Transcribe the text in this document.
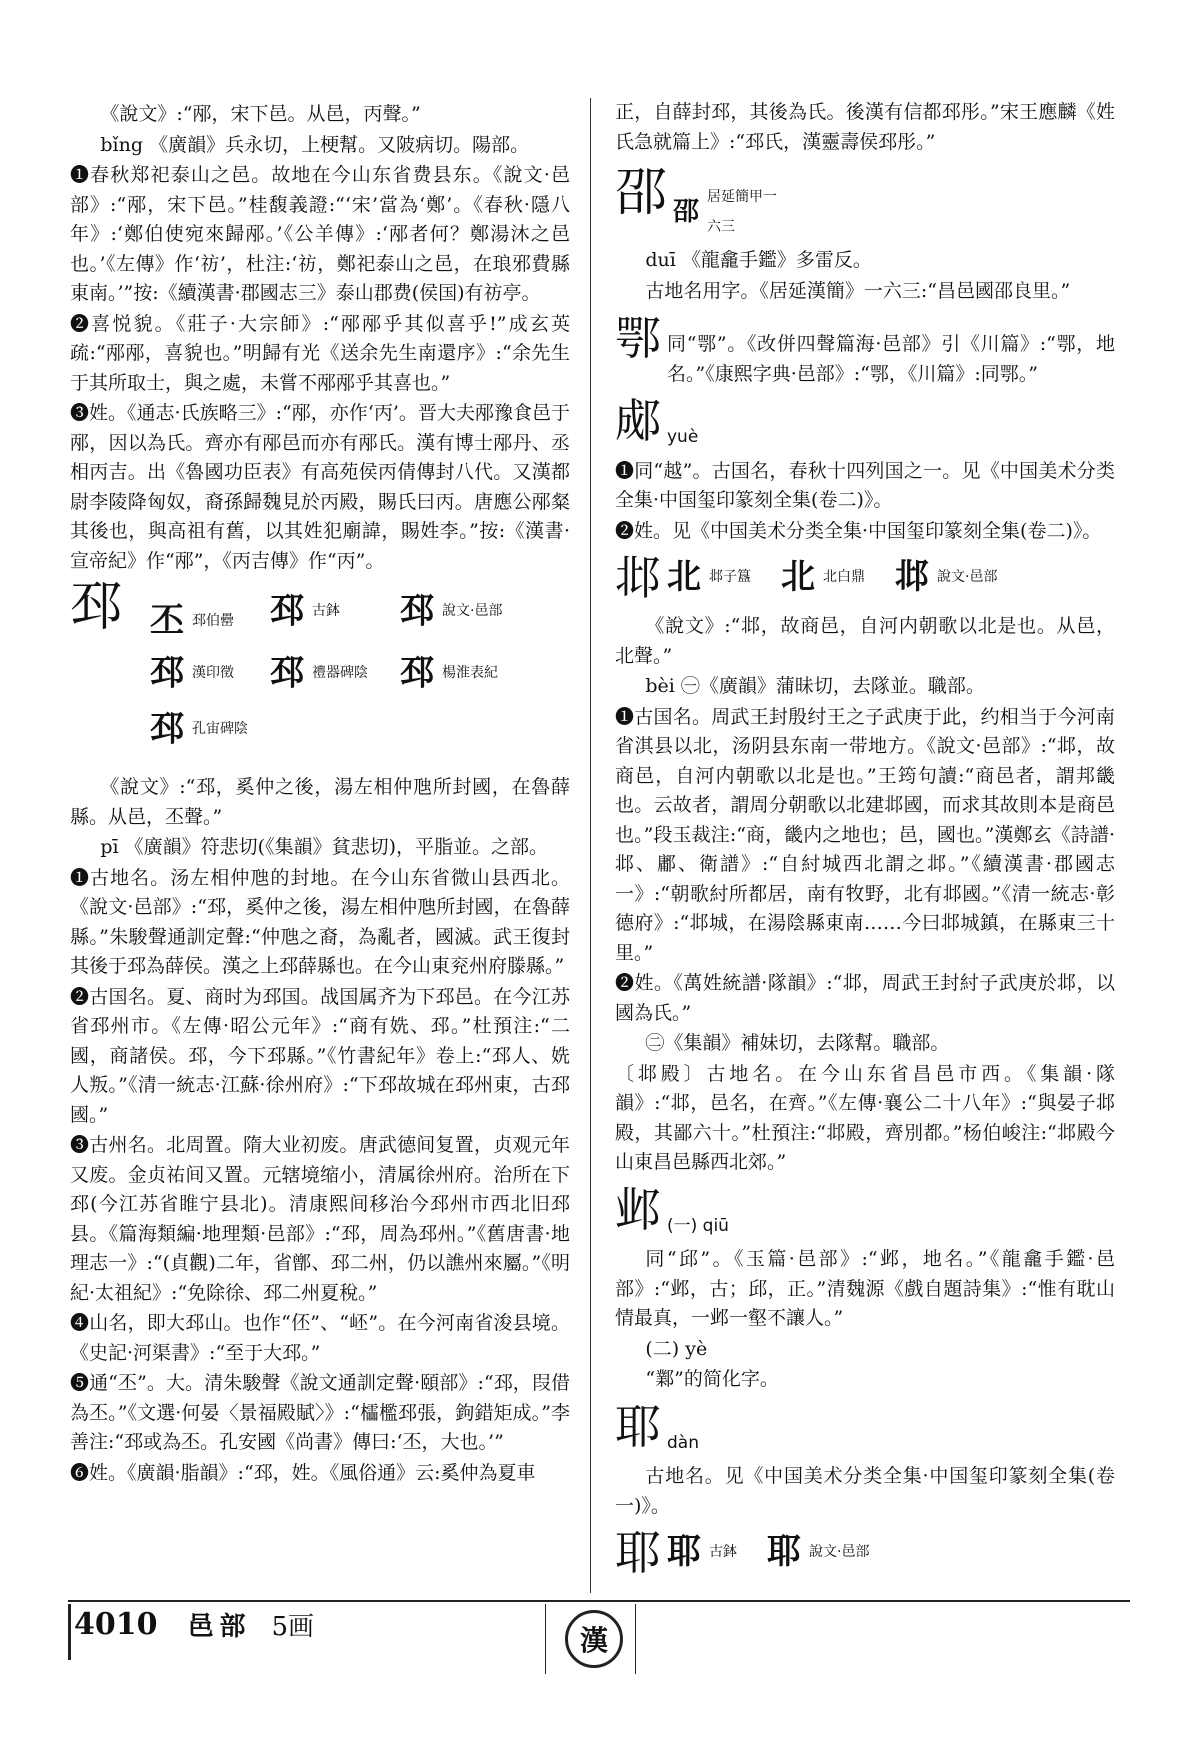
《說文》:“邴，宋下邑。从邑，丙聲。”

bǐng 《廣韻》兵永切，上梗幫。又陂病切。陽部。

❶春秋郑祀泰山之邑。故地在今山东省费县东。《說文·邑部》:“邴，宋下邑。”桂馥義證:“‘宋’當為‘鄭’。《春秋·隱八年》:‘鄭伯使宛來歸邴。’《公羊傳》:‘邴者何？鄭湯沐之邑也。’《左傳》作‘祊’，杜注:‘祊，鄭祀泰山之邑，在琅邪費縣東南。’”按:《續漢書·郡國志三》泰山郡费(侯国)有祊亭。

❷喜悦貌。《莊子·大宗師》:“邴邴乎其似喜乎!”成玄英疏:“邴邴，喜貌也。”明歸有光《送余先生南還序》:“余先生于其所取士，與之處，未嘗不邴邴乎其喜也。”

❸姓。《通志·氏族略三》:“邴，亦作‘丙’。晋大夫邴豫食邑于邴，因以為氏。齊亦有邴邑而亦有邴氏。漢有博士邴丹、丞相丙吉。出《魯國功臣表》有高苑侯丙倩傳封八代。又漢都尉李陵降匈奴，裔孫歸魏見於丙殿，賜氏曰丙。唐應公邴粲其後也，與高祖有舊，以其姓犯廟諱，賜姓李。”按:《漢書·宣帝紀》作“邴”，《丙吉傳》作“丙”。

邳 丕 邳伯罍 邳 古鉢 邳 說文·邑部
邳 漢印徵 邳 禮器碑陰 邳 楊淮表紀
邳 孔宙碑陰

《說文》:“邳，奚仲之後，湯左相仲虺所封國，在魯薛縣。从邑，丕聲。”

pī 《廣韻》符悲切(《集韻》貧悲切)，平脂並。之部。

❶古地名。汤左相仲虺的封地。在今山东省微山县西北。《說文·邑部》:“邳，奚仲之後，湯左相仲虺所封國，在魯薛縣。”朱駿聲通訓定聲:“仲虺之裔，為亂者，國滅。武王復封其後于邳為薛侯。漢之上邳薛縣也。在今山東兖州府滕縣。”

❷古国名。夏、商时为邳国。战国属齐为下邳邑。在今江苏省邳州市。《左傳·昭公元年》:“商有姺、邳。”杜預注:“二國，商諸侯。邳，今下邳縣。”《竹書紀年》卷上:“邳人、姺人叛。”《清一統志·江蘇·徐州府》:“下邳故城在邳州東，古邳國。”

❸古州名。北周置。隋大业初废。唐武德间复置，贞观元年又废。金贞祐间又置。元辖境缩小，清属徐州府。治所在下邳(今江苏省睢宁县北)。清康熙间移治今邳州市西北旧邳县。《篇海類編·地理類·邑部》:“邳，周為邳州。”《舊唐書·地理志一》:“(貞觀)二年，省鄫、邳二州，仍以譙州來屬。”《明紀·太祖紀》:“免除徐、邳二州夏稅。”

❹山名，即大邳山。也作“伾”、“岯”。在今河南省浚县境。《史記·河渠書》:“至于大邳。”

❺通“丕”。大。清朱駿聲《說文通訓定聲·頤部》:“邳，叚借為丕。”《文選·何晏〈景福殿賦〉》:“櫺檻邳張，鉤錯矩成。”李善注:“邳或為丕。孔安國《尚書》傳曰:‘丕，大也。’”

❻姓。《廣韻·脂韻》:“邳，姓。《風俗通》云:奚仲為夏車

正，自薛封邳，其後為氏。後漢有信都邳彤。”宋王應麟《姓氏急就篇上》:“邳氏，漢靈壽侯邳彤。”

邵 邵 居延簡甲一六三

duī 《龍龕手鑑》多雷反。

古地名用字。《居延漢簡》一六三:“昌邑國邵良里。”

鄂 同“鄂”。《改併四聲篇海·邑部》引《川篇》:“鄂，地名。”《康熙字典·邑部》:“鄂，《川篇》:同鄂。”
郕 yuè

❶同“越”。古国名，春秋十四列国之一。见《中国美术分类全集·中国玺印篆刻全集(卷二)》。

❷姓。见《中国美术分类全集·中国玺印篆刻全集(卷二)》。

邶 北 邶子簋 北 北白鼎 邶 說文·邑部

《說文》:“邶，故商邑，自河内朝歌以北是也。从邑，北聲。”

bèi ㊀《廣韻》蒲昧切，去隊並。職部。

❶古国名。周武王封殷纣王之子武庚于此，约相当于今河南省淇县以北，汤阴县东南一带地方。《說文·邑部》:“邶，故商邑，自河内朝歌以北是也。”王筠句讀:“商邑者，謂邦畿也。云故者，謂周分朝歌以北建邶國，而求其故則本是商邑也。”段玉裁注:“商，畿内之地也；邑，國也。”漢鄭玄《詩譜·邶、鄘、衛譜》:“自紂城西北謂之邶。”《續漢書·郡國志一》:“朝歌紂所都居，南有牧野，北有邶國。”《清一統志·彰德府》:“邶城，在湯陰縣東南……今曰邶城鎮，在縣東三十里。”

❷姓。《萬姓統譜·隊韻》:“邶，周武王封紂子武庚於邶，以國為氏。”

㊁《集韻》補妹切，去隊幫。職部。

〔邶殿〕古地名。在今山东省昌邑市西。《集韻·隊韻》:“邶，邑名，在齊。”《左傳·襄公二十八年》:“與晏子邶殿，其鄙六十。”杜預注:“邶殿，齊別都。”杨伯峻注:“邶殿今山東昌邑縣西北郊。”

邺 (一) qiū

同“邱”。《玉篇·邑部》:“邺，地名。”《龍龕手鑑·邑部》:“邺，古；邱，正。”清魏源《戲自題詩集》:“惟有耽山情最真，一邺一壑不讓人。”

(二) yè

“鄴”的简化字。

耶 dàn

古地名。见《中国美术分类全集·中国玺印篆刻全集(卷一)》。

耶 耶 古鉢 耶 說文·邑部
4010 邑部 5画	漢
